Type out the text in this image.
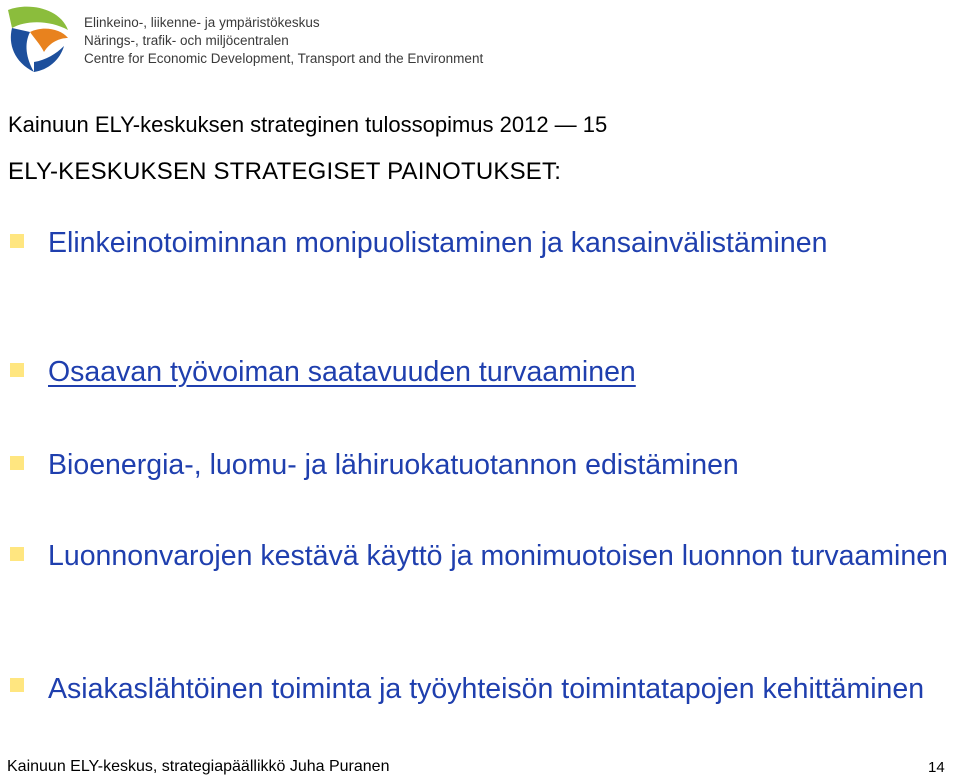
Elinkeino-, liikenne- ja ympäristökeskus
Närings-, trafik- och miljöcentralen
Centre for Economic Development, Transport and the Environment
Kainuun ELY-keskuksen strateginen tulossopimus 2012 — 15
ELY-KESKUKSEN STRATEGISET PAINOTUKSET:
Elinkeinotoiminnan monipuolistaminen ja kansainvälistäminen
Osaavan työvoiman saatavuuden turvaaminen
Bioenergia-, luomu- ja lähiruokatuotannon edistäminen
Luonnonvarojen kestävä käyttö ja monimuotoisen luonnon turvaaminen
Asiakaslähtöinen toiminta ja työyhteisön toimintatapojen kehittäminen
Kainuun ELY-keskus, strategiapäällikkö Juha Puranen	14
